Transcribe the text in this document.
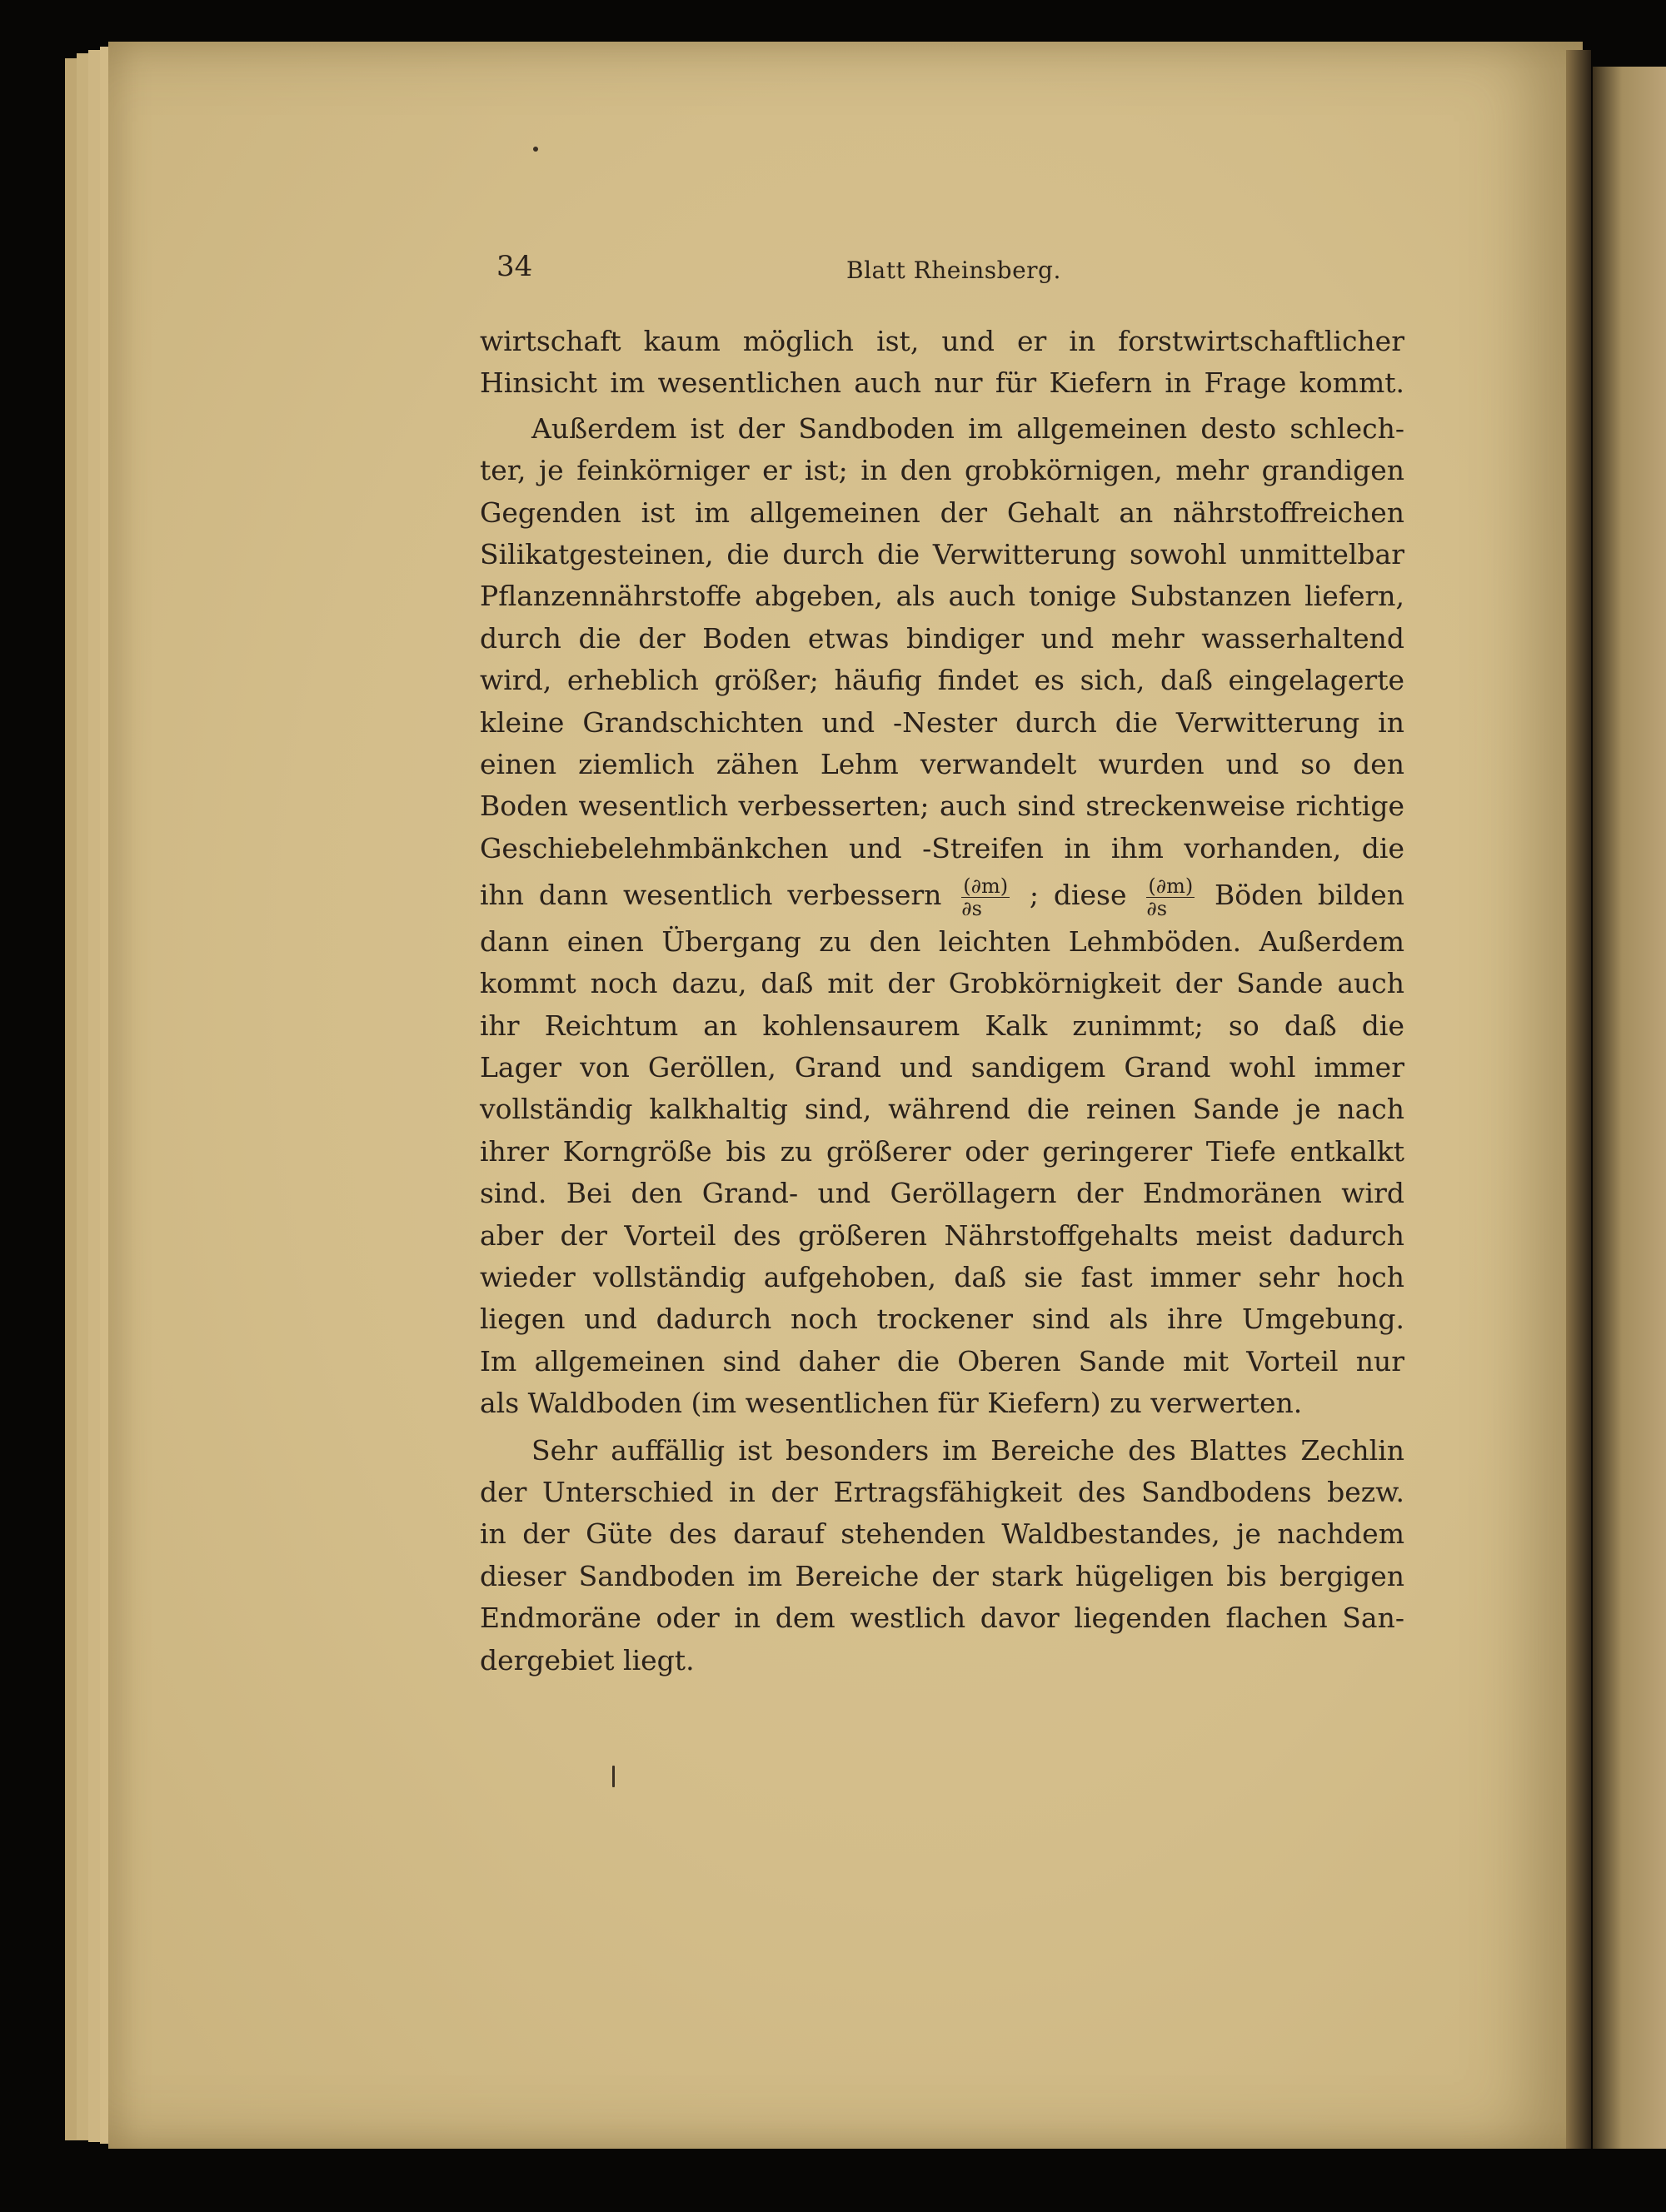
34	Blatt Rheinsberg.

wirtschaft kaum möglich ist, und er in forstwirtschaftlicher
Hinsicht im wesentlichen auch nur für Kiefern in Frage kommt.

Außerdem ist der Sandboden im allgemeinen desto schlech-
ter, je feinkörniger er ist; in den grobkörnigen, mehr grandigen
Gegenden ist im allgemeinen der Gehalt an nährstoffreichen
Silikatgesteinen, die durch die Verwitterung sowohl unmittelbar
Pflanzennährstoffe abgeben, als auch tonige Substanzen liefern,
durch die der Boden etwas bindiger und mehr wasserhaltend
wird, erheblich größer; häufig findet es sich, daß eingelagerte
kleine Grandschichten und -Nester durch die Verwitterung in
einen ziemlich zähen Lehm verwandelt wurden und so den
Boden wesentlich verbesserten; auch sind streckenweise richtige
Geschiebelehmbänkchen und -Streifen in ihm vorhanden, die
ihn dann wesentlich verbessern $\frac{(\partial m)}{\partial s}$ ; diese $\frac{(\partial m)}{\partial s}$ Böden bilden
dann einen Übergang zu den leichten Lehmböden. Außerdem
kommt noch dazu, daß mit der Grobkörnigkeit der Sande auch
ihr Reichtum an kohlensaurem Kalk zunimmt; so daß die
Lager von Geröllen, Grand und sandigem Grand wohl immer
vollständig kalkhaltig sind, während die reinen Sande je nach
ihrer Korngröße bis zu größerer oder geringerer Tiefe entkalkt
sind. Bei den Grand- und Geröllagern der Endmoränen wird
aber der Vorteil des größeren Nährstoffgehalts meist dadurch
wieder vollständig aufgehoben, daß sie fast immer sehr hoch
liegen und dadurch noch trockener sind als ihre Umgebung.
Im allgemeinen sind daher die Oberen Sande mit Vorteil nur
als Waldboden (im wesentlichen für Kiefern) zu verwerten.

Sehr auffällig ist besonders im Bereiche des Blattes Zechlin
der Unterschied in der Ertragsfähigkeit des Sandbodens bezw.
in der Güte des darauf stehenden Waldbestandes, je nachdem
dieser Sandboden im Bereiche der stark hügeligen bis bergigen
Endmoräne oder in dem westlich davor liegenden flachen San-
dergebiet liegt.
